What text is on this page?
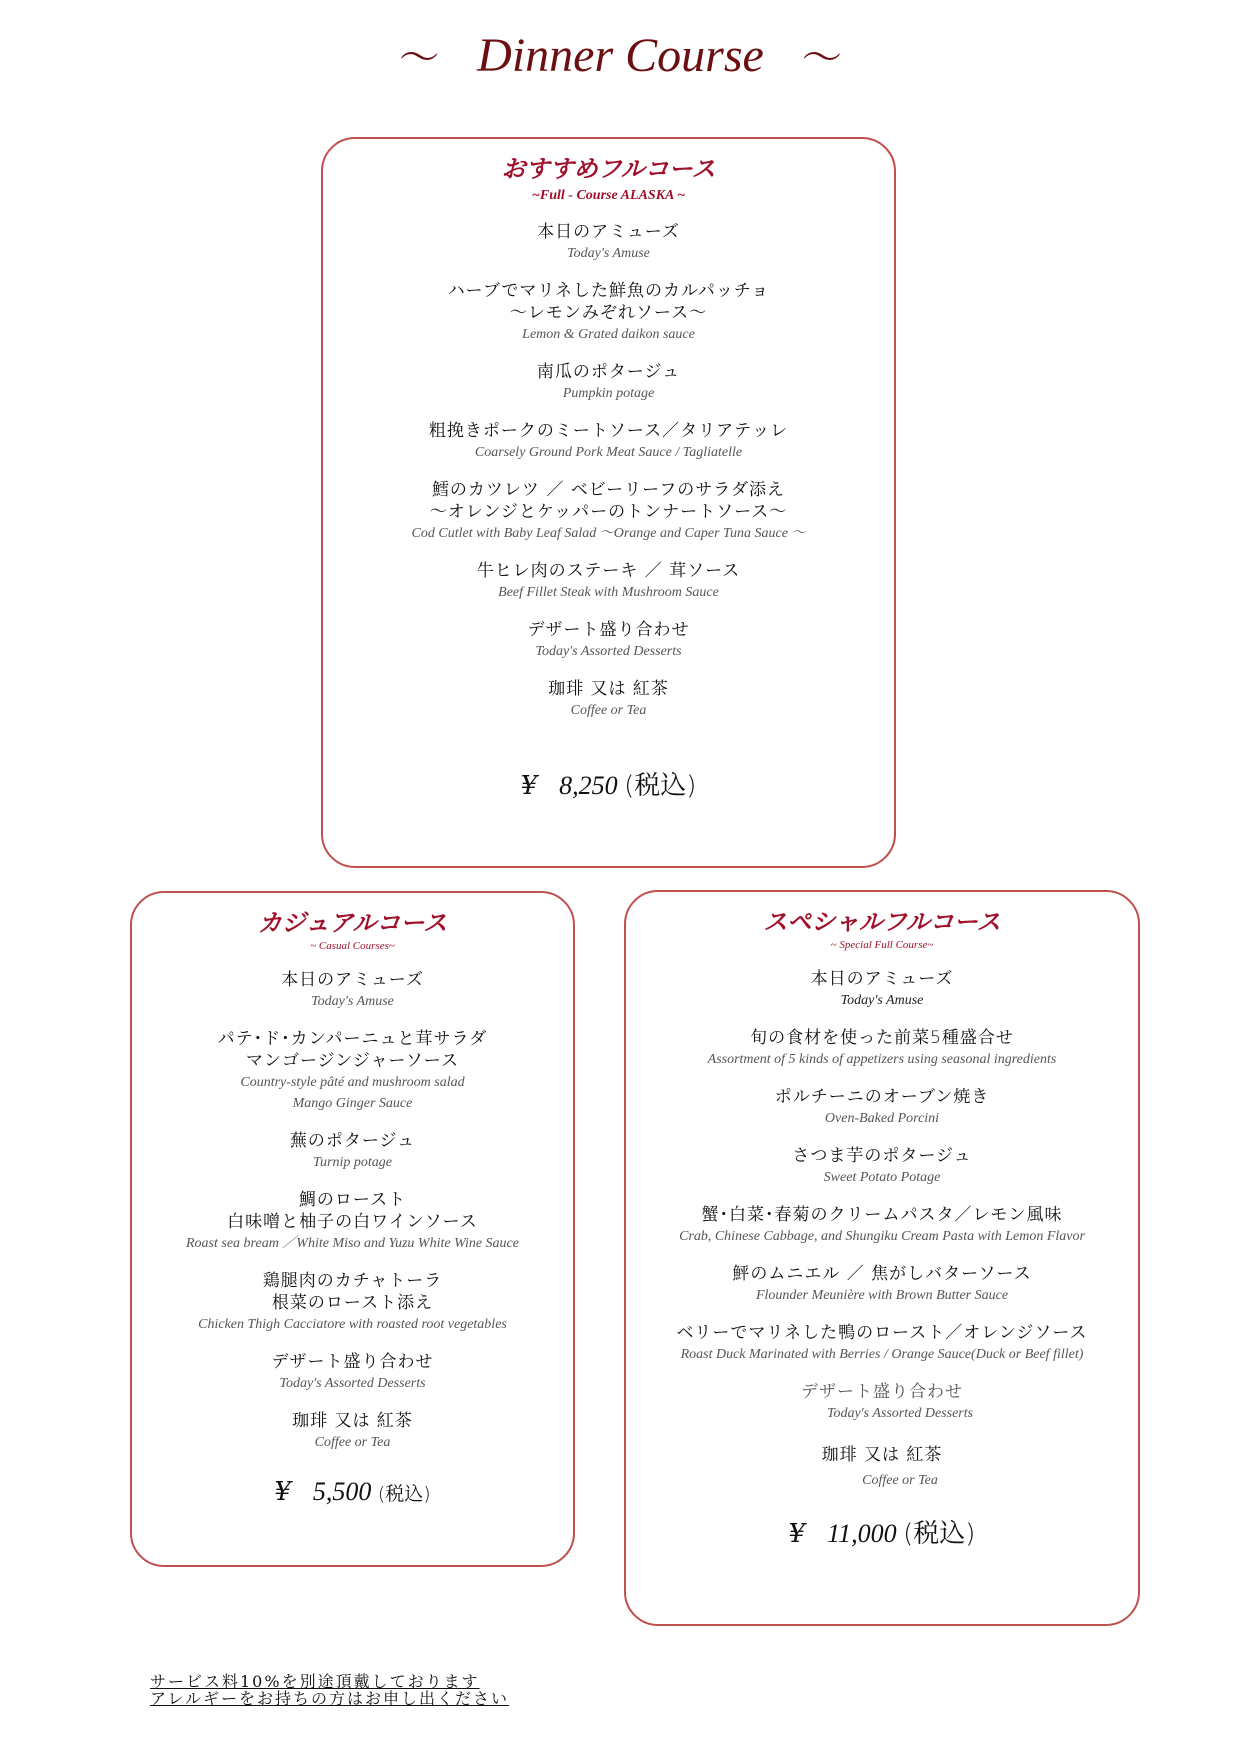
～ Dinner Course ～
おすすめフルコース
~Full - Course ALASKA ~
本日のアミューズ
Today's Amuse
ハーブでマリネした鮮魚のカルパッチョ
～レモンみぞれソース～
Lemon & Grated daikon sauce
南瓜のポタージュ
Pumpkin potage
粗挽きポークのミートソース／タリアテッレ
Coarsely Ground Pork Meat Sauce / Tagliatelle
鱈のカツレツ ／ ベビーリーフのサラダ添え
～オレンジとケッパーのトンナートソース～
Cod Cutlet with Baby Leaf Salad ～Orange and Caper Tuna Sauce ～
牛ヒレ肉のステーキ ／ 茸ソース
Beef Fillet Steak with Mushroom Sauce
デザート盛り合わせ
Today's Assorted Desserts
珈琲 又は 紅茶
Coffee or Tea
¥ 8,250 (税込)
カジュアルコース
~ Casual Courses~
本日のアミューズ
Today's Amuse
パテ･ド･カンパーニュと茸サラダ
マンゴージンジャーソース
Country-style pâté and mushroom salad
Mango Ginger Sauce
蕪のポタージュ
Turnip potage
鯛のロースト
白味噌と柚子の白ワインソース
Roast sea bream ／White Miso and Yuzu White Wine Sauce
鶏腿肉のカチャトーラ
根菜のロースト添え
Chicken Thigh Cacciatore with roasted root vegetables
デザート盛り合わせ
Today's Assorted Desserts
珈琲 又は 紅茶
Coffee or Tea
¥ 5,500 (税込)
スペシャルフルコース
~ Special Full Course~
本日のアミューズ
Today's Amuse
旬の食材を使った前菜5種盛合せ
Assortment of 5 kinds of appetizers using seasonal ingredients
ポルチーニのオーブン焼き
Oven-Baked Porcini
さつま芋のポタージュ
Sweet Potato Potage
蟹･白菜･春菊のクリームパスタ／レモン風味
Crab, Chinese Cabbage, and Shungiku Cream Pasta with Lemon Flavor
鮃のムニエル ／ 焦がしバターソース
Flounder Meunière with Brown Butter Sauce
ベリーでマリネした鴨のロースト／オレンジソース
Roast Duck Marinated with Berries / Orange Sauce(Duck or Beef fillet)
デザート盛り合わせ
Today's Assorted Desserts
珈琲 又は 紅茶
Coffee or Tea
¥ 11,000 (税込)
サービス料10%を別途頂戴しております
アレルギーをお持ちの方はお申し出ください
